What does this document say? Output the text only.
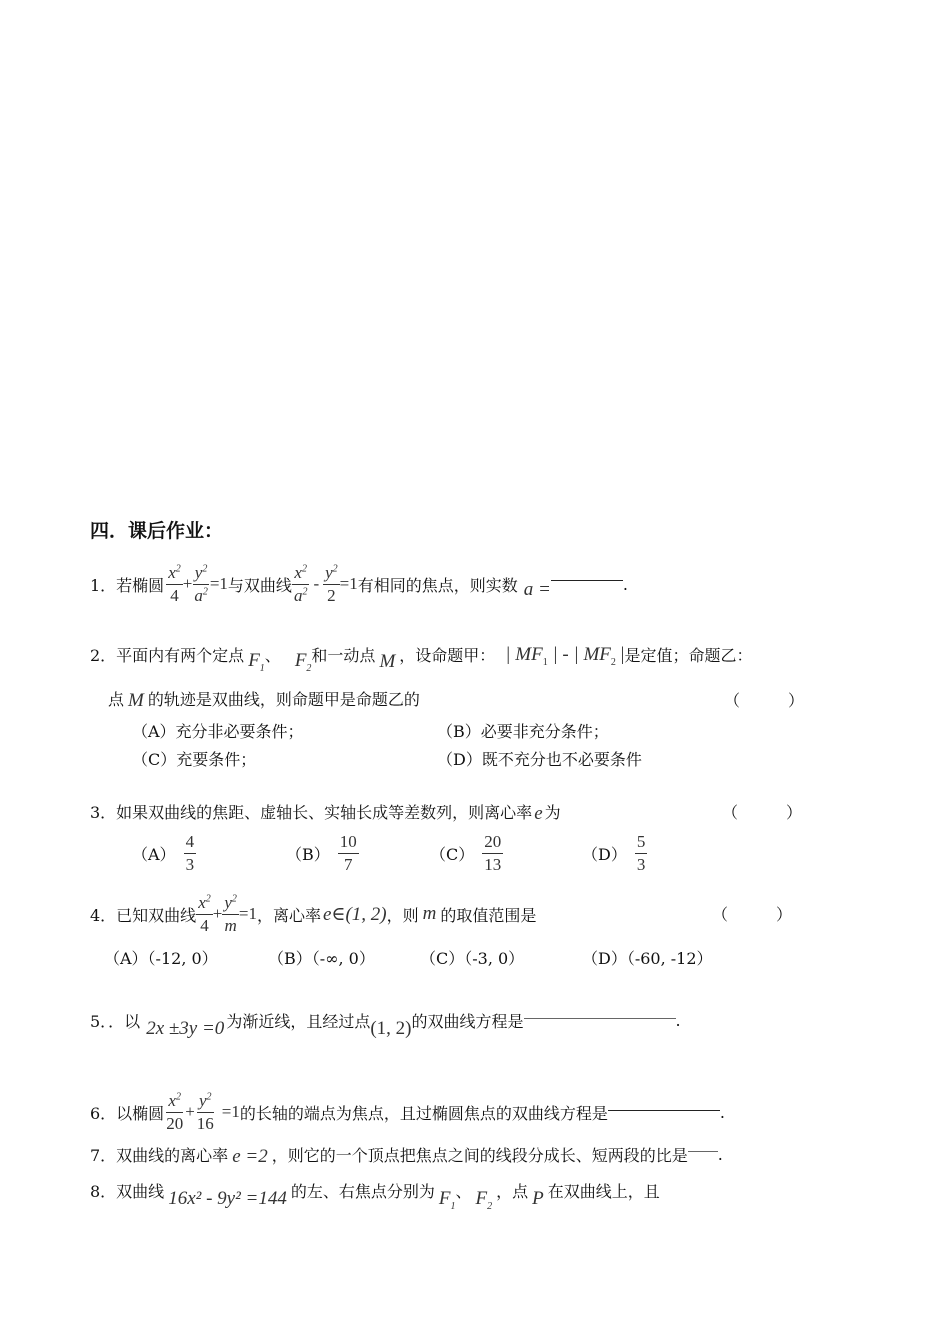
四．课后作业：
1．若椭圆 $\frac{x^2}{4} + \frac{y^2}{a^2} =1$ 与双曲线 $\frac{x^2}{a^2} - \frac{y^2}{2} =1$ 有相同的焦点，则实数 a =	.
2．平面内有两个定点 $F_1$
、 $F_2$
和一动点 M ，设命题甲： | $MF_1$ | - | $MF_2$ | 是定值；命题乙：
点 M 的轨迹是双曲线，则命题甲是命题乙的	（　　　）
（A）充分非必要条件；	（B）必要非充分条件；
（C）充要条件；	（D）既不充分也不必要条件
3．如果双曲线的焦距、虚轴长、实轴长成等差数列，则离心率 e 为	（　　　）
$(A) \frac{4}{3}$	$(B) \frac{10}{7}$	$(C) \frac{20}{13}$	$(D) \frac{5}{3}$
4．已知双曲线 $\frac{x^2}{4} + \frac{y^2}{m} =1$ ，离心率 e∈(1, 2) ，则 m 的取值范围是	（　　　）
（A）（-12, 0）	（B）（-∞, 0）	（C）（-3, 0）	（D）（-60, -12）
5．．以 2x ±3y =0 为渐近线，且经过点 (1, 2) 的双曲线方程是	.
6．以椭圆 $\frac{x^2}{20} + \frac{y^2}{16} =1$ 的长轴的端点为焦点，且过椭圆焦点的双曲线方程是	.
7．双曲线的离心率 e =2 ，则它的一个顶点把焦点之间的线段分成长、短两段的比是 .
8．双曲线 16x² - 9y² =144 的左、右焦点分别为 $F_1$
、 $F_2$
，点 P 在双曲线上，且
